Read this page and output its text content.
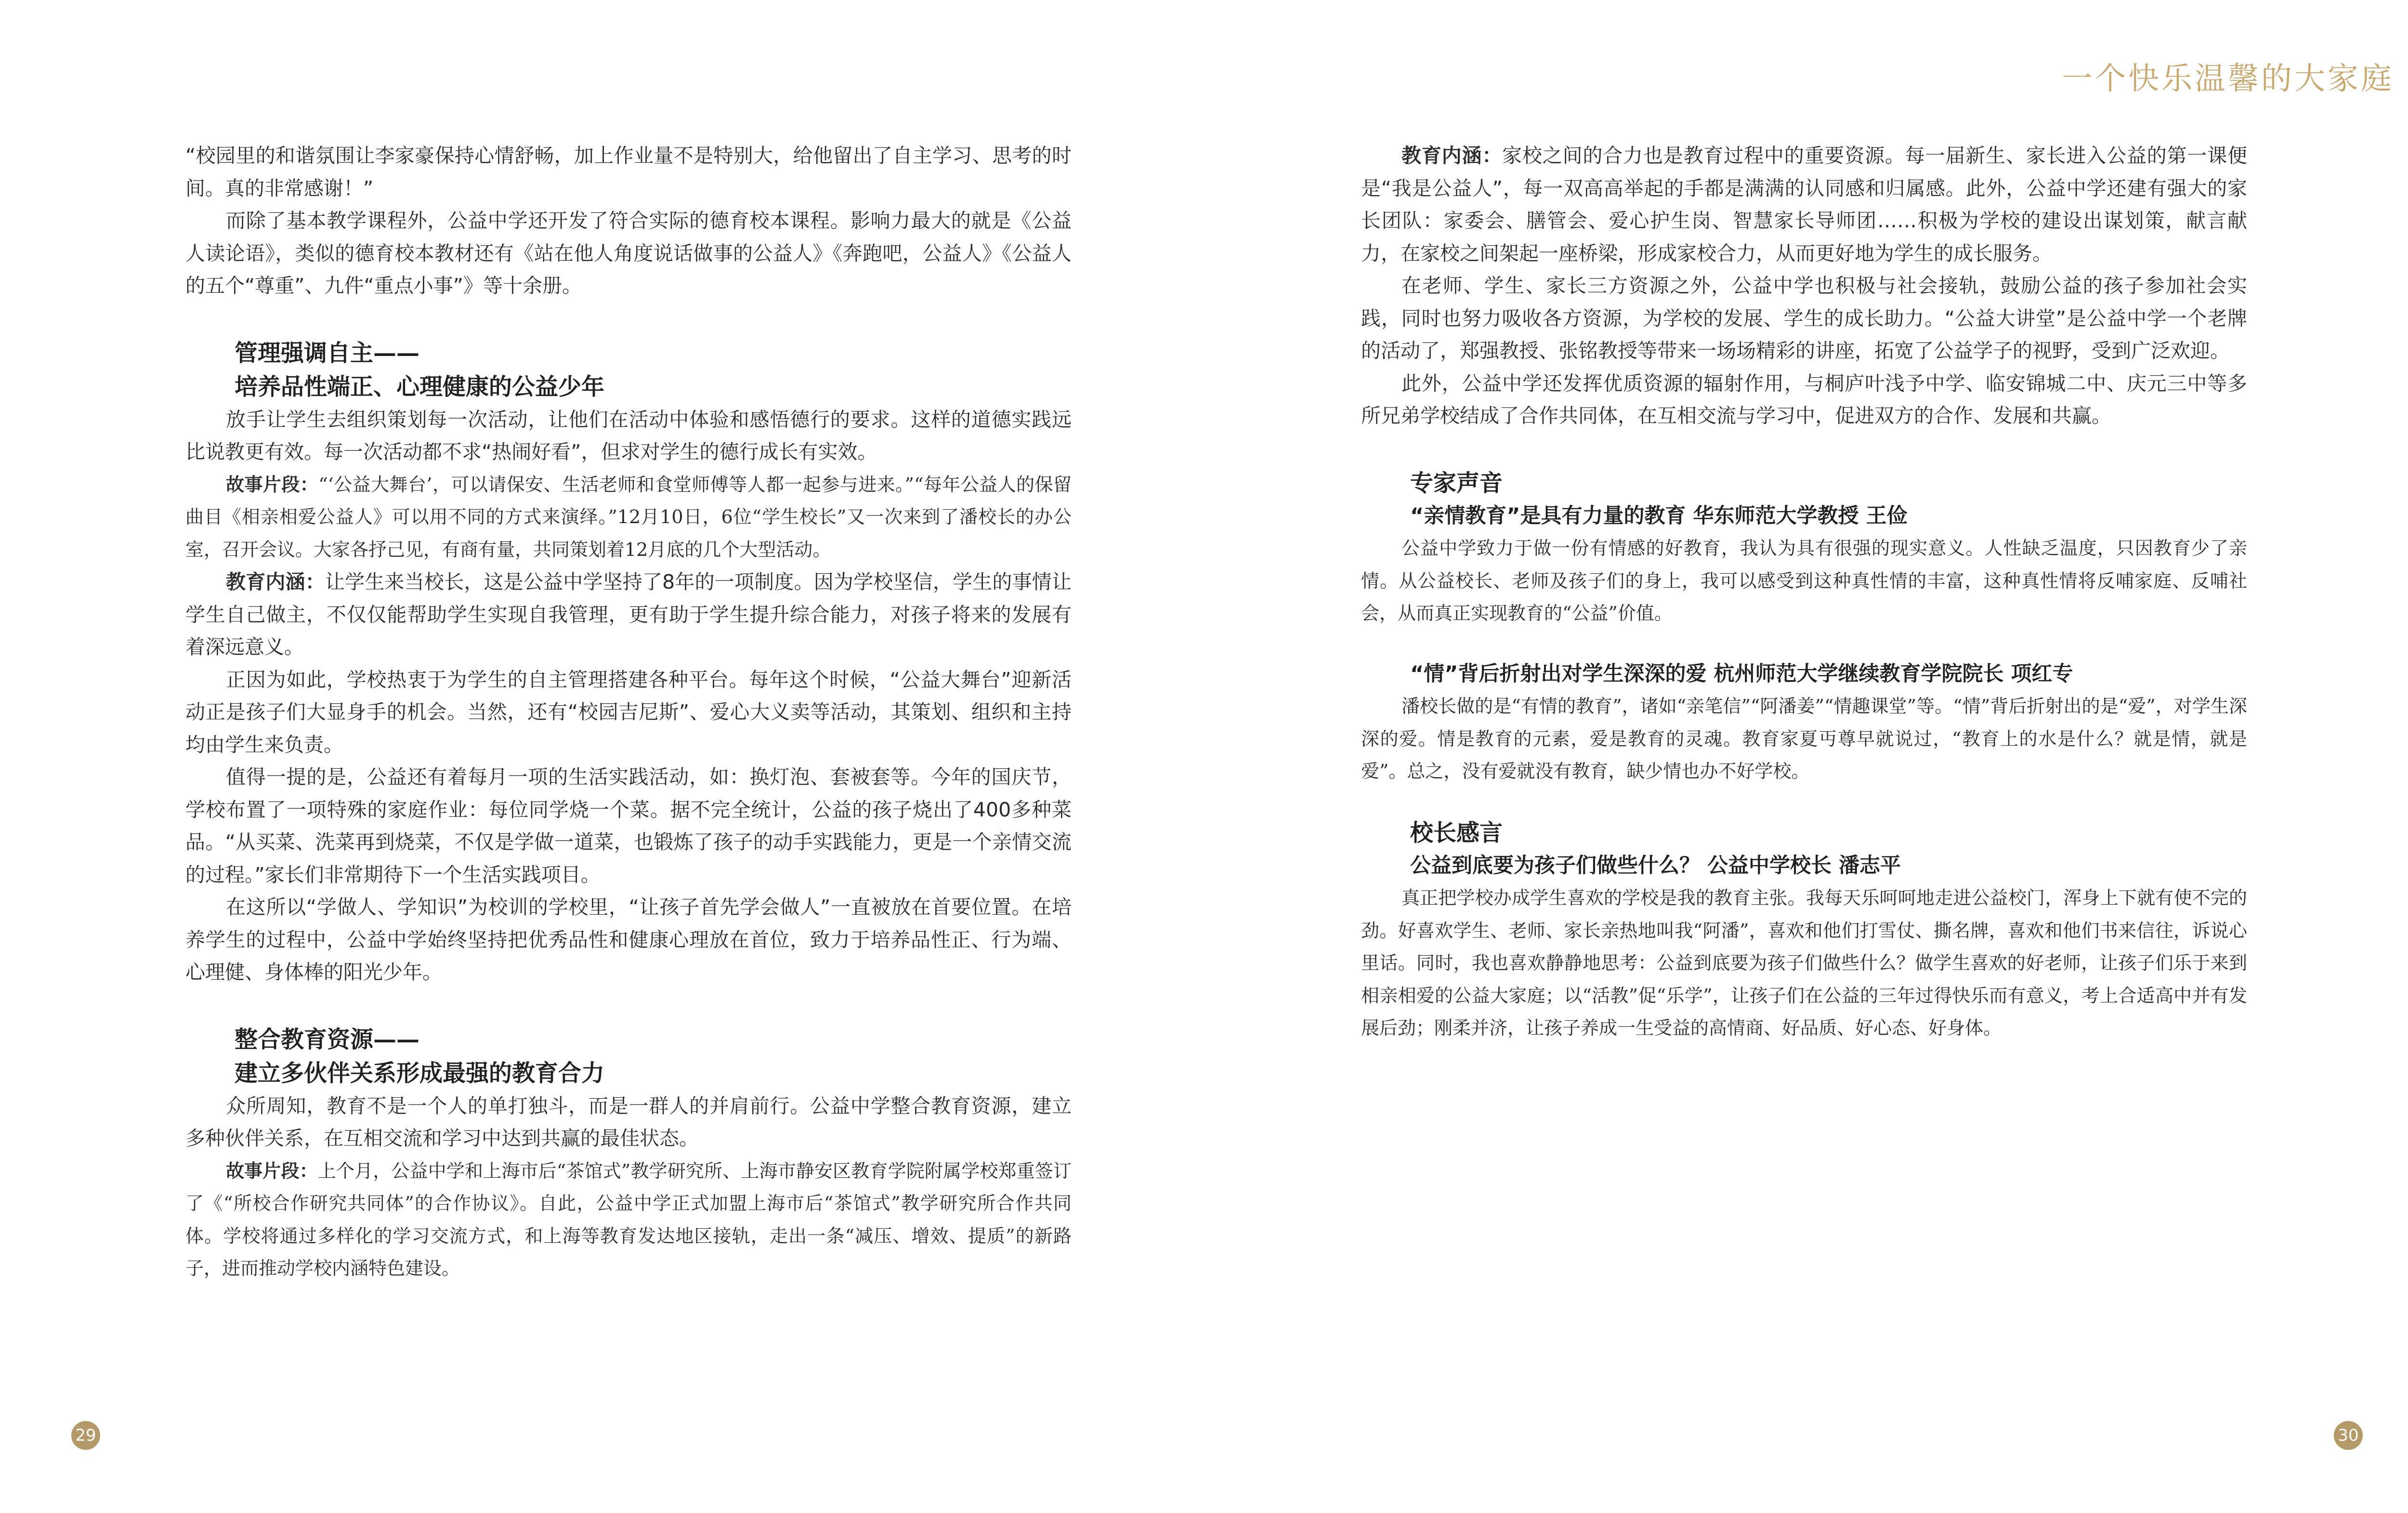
“校园里的和谐氛围让李家豪保持心情舒畅，加上作业量不是特别大，给他留出了自主学习、思考的时间。真的非常感谢！”

而除了基本教学课程外，公益中学还开发了符合实际的德育校本课程。影响力最大的就是《公益人读论语》，类似的德育校本教材还有《站在他人角度说话做事的公益人》《奔跑吧，公益人》《公益人的五个“尊重”、九件“重点小事”》等十余册。

管理强调自主——

培养品性端正、心理健康的公益少年

放手让学生去组织策划每一次活动，让他们在活动中体验和感悟德行的要求。这样的道德实践远比说教更有效。每一次活动都不求“热闹好看”，但求对学生的德行成长有实效。

故事片段：“‘公益大舞台’，可以请保安、生活老师和食堂师傅等人都一起参与进来。”“每年公益人的保留曲目《相亲相爱公益人》可以用不同的方式来演绎。”12月10日，6位“学生校长”又一次来到了潘校长的办公室，召开会议。大家各抒己见，有商有量，共同策划着12月底的几个大型活动。

教育内涵：让学生来当校长，这是公益中学坚持了8年的一项制度。因为学校坚信，学生的事情让学生自己做主，不仅仅能帮助学生实现自我管理，更有助于学生提升综合能力，对孩子将来的发展有着深远意义。

正因为如此，学校热衷于为学生的自主管理搭建各种平台。每年这个时候，“公益大舞台”迎新活动正是孩子们大显身手的机会。当然，还有“校园吉尼斯”、爱心大义卖等活动，其策划、组织和主持均由学生来负责。

值得一提的是，公益还有着每月一项的生活实践活动，如：换灯泡、套被套等。今年的国庆节，学校布置了一项特殊的家庭作业：每位同学烧一个菜。据不完全统计，公益的孩子烧出了400多种菜品。“从买菜、洗菜再到烧菜，不仅是学做一道菜，也锻炼了孩子的动手实践能力，更是一个亲情交流的过程。”家长们非常期待下一个生活实践项目。

在这所以“学做人、学知识”为校训的学校里，“让孩子首先学会做人”一直被放在首要位置。在培养学生的过程中，公益中学始终坚持把优秀品性和健康心理放在首位，致力于培养品性正、行为端、心理健、身体棒的阳光少年。

整合教育资源——

建立多伙伴关系形成最强的教育合力

众所周知，教育不是一个人的单打独斗，而是一群人的并肩前行。公益中学整合教育资源，建立多种伙伴关系，在互相交流和学习中达到共赢的最佳状态。

故事片段：上个月，公益中学和上海市后“茶馆式”教学研究所、上海市静安区教育学院附属学校郑重签订了《“所校合作研究共同体”的合作协议》。自此，公益中学正式加盟上海市后“茶馆式”教学研究所合作共同体。学校将通过多样化的学习交流方式，和上海等教育发达地区接轨，走出一条“减压、增效、提质”的新路子，进而推动学校内涵特色建设。

29
一个快乐温馨的大家庭

教育内涵：家校之间的合力也是教育过程中的重要资源。每一届新生、家长进入公益的第一课便是“我是公益人”，每一双高高举起的手都是满满的认同感和归属感。此外，公益中学还建有强大的家长团队：家委会、膳管会、爱心护生岗、智慧家长导师团……积极为学校的建设出谋划策，献言献力，在家校之间架起一座桥梁，形成家校合力，从而更好地为学生的成长服务。

在老师、学生、家长三方资源之外，公益中学也积极与社会接轨，鼓励公益的孩子参加社会实践，同时也努力吸收各方资源，为学校的发展、学生的成长助力。“公益大讲堂”是公益中学一个老牌的活动了，郑强教授、张铭教授等带来一场场精彩的讲座，拓宽了公益学子的视野，受到广泛欢迎。

此外，公益中学还发挥优质资源的辐射作用，与桐庐叶浅予中学、临安锦城二中、庆元三中等多所兄弟学校结成了合作共同体，在互相交流与学习中，促进双方的合作、发展和共赢。

专家声音

“亲情教育”是具有力量的教育 华东师范大学教授 王俭

公益中学致力于做一份有情感的好教育，我认为具有很强的现实意义。人性缺乏温度，只因教育少了亲情。从公益校长、老师及孩子们的身上，我可以感受到这种真性情的丰富，这种真性情将反哺家庭、反哺社会，从而真正实现教育的“公益”价值。

“情”背后折射出对学生深深的爱 杭州师范大学继续教育学院院长 项红专

潘校长做的是“有情的教育”，诸如“亲笔信”“阿潘姜”“情趣课堂”等。“情”背后折射出的是“爱”，对学生深深的爱。情是教育的元素，爱是教育的灵魂。教育家夏丏尊早就说过，“教育上的水是什么？就是情，就是爱”。总之，没有爱就没有教育，缺少情也办不好学校。

校长感言

公益到底要为孩子们做些什么？ 公益中学校长 潘志平

真正把学校办成学生喜欢的学校是我的教育主张。我每天乐呵呵地走进公益校门，浑身上下就有使不完的劲。好喜欢学生、老师、家长亲热地叫我“阿潘”，喜欢和他们打雪仗、撕名牌，喜欢和他们书来信往，诉说心里话。同时，我也喜欢静静地思考：公益到底要为孩子们做些什么？做学生喜欢的好老师，让孩子们乐于来到相亲相爱的公益大家庭；以“活教”促“乐学”，让孩子们在公益的三年过得快乐而有意义，考上合适高中并有发展后劲；刚柔并济，让孩子养成一生受益的高情商、好品质、好心态、好身体。

30
